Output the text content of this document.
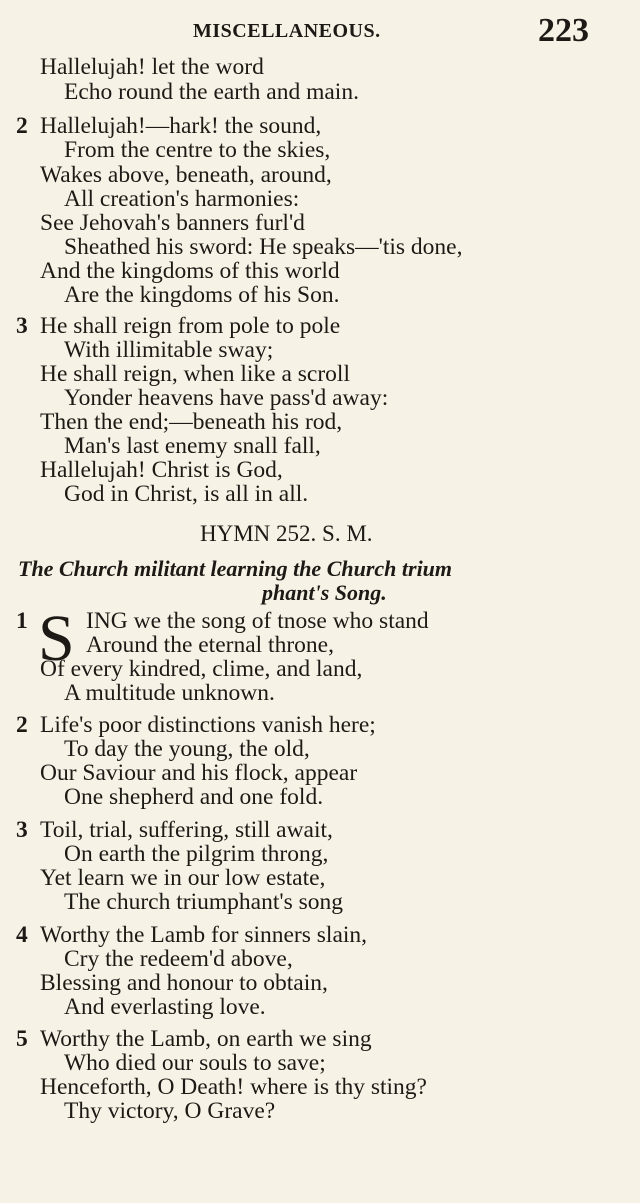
MISCELLANEOUS.	223
Hallelujah! let the word
Echo round the earth and main.
2 Hallelujah!—hark! the sound,
From the centre to the skies,
Wakes above, beneath, around,
All creation's harmonies:
See Jehovah's banners furl'd
Sheathed his sword: He speaks—'tis done,
And the kingdoms of this world
Are the kingdoms of his Son.
3 He shall reign from pole to pole
With illimitable sway;
He shall reign, when like a scroll
Yonder heavens have pass'd away:
Then the end;—beneath his rod,
Man's last enemy snall fall,
Hallelujah! Christ is God,
God in Christ, is all in all.
HYMN 252. S. M.
The Church militant learning the Church trium
phant's Song.
1 S ING we the song of tnose who stand
Around the eternal throne,
Of every kindred, clime, and land,
A multitude unknown.
2 Life's poor distinctions vanish here;
To day the young, the old,
Our Saviour and his flock, appear
One shepherd and one fold.
3 Toil, trial, suffering, still await,
On earth the pilgrim throng,
Yet learn we in our low estate,
The church triumphant's song
4 Worthy the Lamb for sinners slain,
Cry the redeem'd above,
Blessing and honour to obtain,
And everlasting love.
5 Worthy the Lamb, on earth we sing
Who died our souls to save;
Henceforth, O Death! where is thy sting?
Thy victory, O Grave?
